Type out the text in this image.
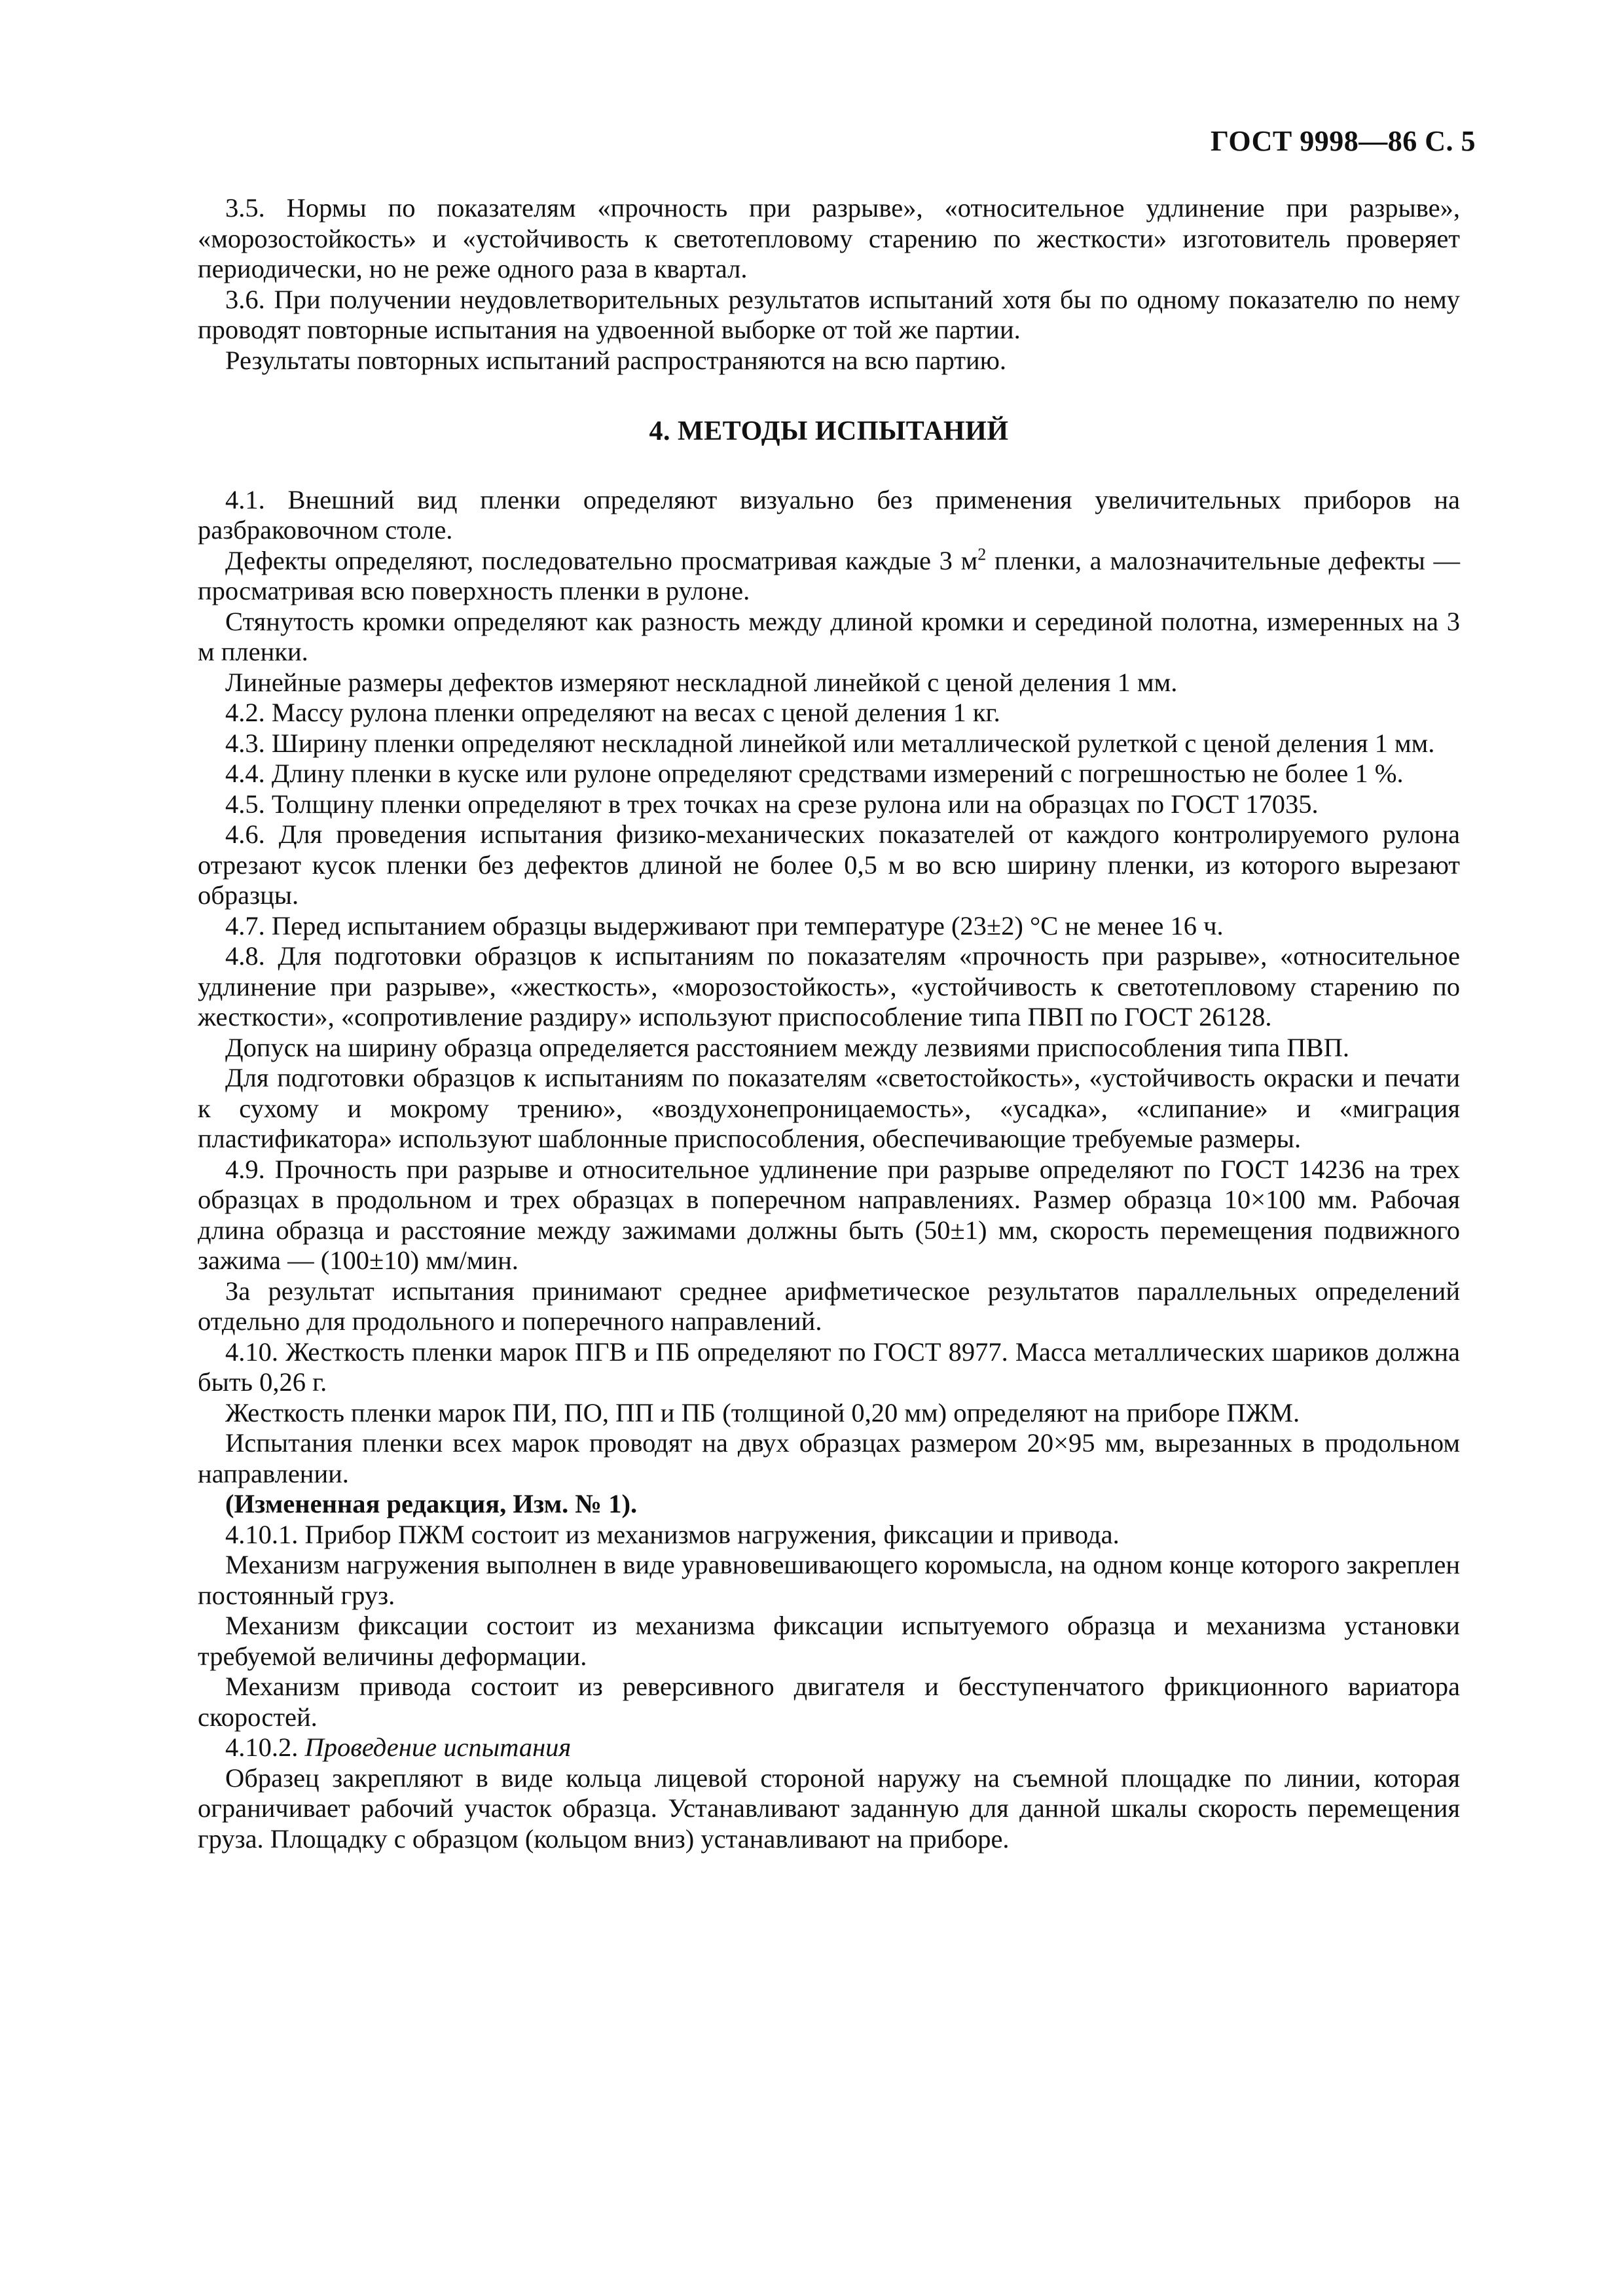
ГОСТ 9998—86 С. 5

3.5. Нормы по показателям «прочность при разрыве», «относительное удлинение при разрыве», «морозостойкость» и «устойчивость к светотепловому старению по жесткости» изготовитель проверяет периодически, но не реже одного раза в квартал.

3.6. При получении неудовлетворительных результатов испытаний хотя бы по одному показателю по нему проводят повторные испытания на удвоенной выборке от той же партии.

Результаты повторных испытаний распространяются на всю партию.

4. МЕТОДЫ ИСПЫТАНИЙ

4.1. Внешний вид пленки определяют визуально без применения увеличительных приборов на разбраковочном столе.

Дефекты определяют, последовательно просматривая каждые 3 $м^2$ пленки, а малозначительные дефекты — просматривая всю поверхность пленки в рулоне.

Стянутость кромки определяют как разность между длиной кромки и серединой полотна, измеренных на 3 м пленки.

Линейные размеры дефектов измеряют нескладной линейкой с ценой деления 1 мм.

4.2. Массу рулона пленки определяют на весах с ценой деления 1 кг.

4.3. Ширину пленки определяют нескладной линейкой или металлической рулеткой с ценой деления 1 мм.

4.4. Длину пленки в куске или рулоне определяют средствами измерений с погрешностью не более 1 %.

4.5. Толщину пленки определяют в трех точках на срезе рулона или на образцах по ГОСТ 17035.

4.6. Для проведения испытания физико-механических показателей от каждого контролируемого рулона отрезают кусок пленки без дефектов длиной не более 0,5 м во всю ширину пленки, из которого вырезают образцы.

4.7. Перед испытанием образцы выдерживают при температуре (23±2) °С не менее 16 ч.

4.8. Для подготовки образцов к испытаниям по показателям «прочность при разрыве», «относительное удлинение при разрыве», «жесткость», «морозостойкость», «устойчивость к светотепловому старению по жесткости», «сопротивление раздиру» используют приспособление типа ПВП по ГОСТ 26128.

Допуск на ширину образца определяется расстоянием между лезвиями приспособления типа ПВП.

Для подготовки образцов к испытаниям по показателям «светостойкость», «устойчивость окраски и печати к сухому и мокрому трению», «воздухонепроницаемость», «усадка», «слипание» и «миграция пластификатора» используют шаблонные приспособления, обеспечивающие требуемые размеры.

4.9. Прочность при разрыве и относительное удлинение при разрыве определяют по ГОСТ 14236 на трех образцах в продольном и трех образцах в поперечном направлениях. Размер образца 10×100 мм. Рабочая длина образца и расстояние между зажимами должны быть (50±1) мм, скорость перемещения подвижного зажима — (100±10) мм/мин.

За результат испытания принимают среднее арифметическое результатов параллельных определений отдельно для продольного и поперечного направлений.

4.10. Жесткость пленки марок ПГВ и ПБ определяют по ГОСТ 8977. Масса металлических шариков должна быть 0,26 г.

Жесткость пленки марок ПИ, ПО, ПП и ПБ (толщиной 0,20 мм) определяют на приборе ПЖМ.

Испытания пленки всех марок проводят на двух образцах размером 20×95 мм, вырезанных в продольном направлении.

(Измененная редакция, Изм. № 1).

4.10.1. Прибор ПЖМ состоит из механизмов нагружения, фиксации и привода.

Механизм нагружения выполнен в виде уравновешивающего коромысла, на одном конце которого закреплен постоянный груз.

Механизм фиксации состоит из механизма фиксации испытуемого образца и механизма установки требуемой величины деформации.

Механизм привода состоит из реверсивного двигателя и бесступенчатого фрикционного вариатора скоростей.

4.10.2. Проведение испытания

Образец закрепляют в виде кольца лицевой стороной наружу на съемной площадке по линии, которая ограничивает рабочий участок образца. Устанавливают заданную для данной шкалы скорость перемещения груза. Площадку с образцом (кольцом вниз) устанавливают на приборе.
